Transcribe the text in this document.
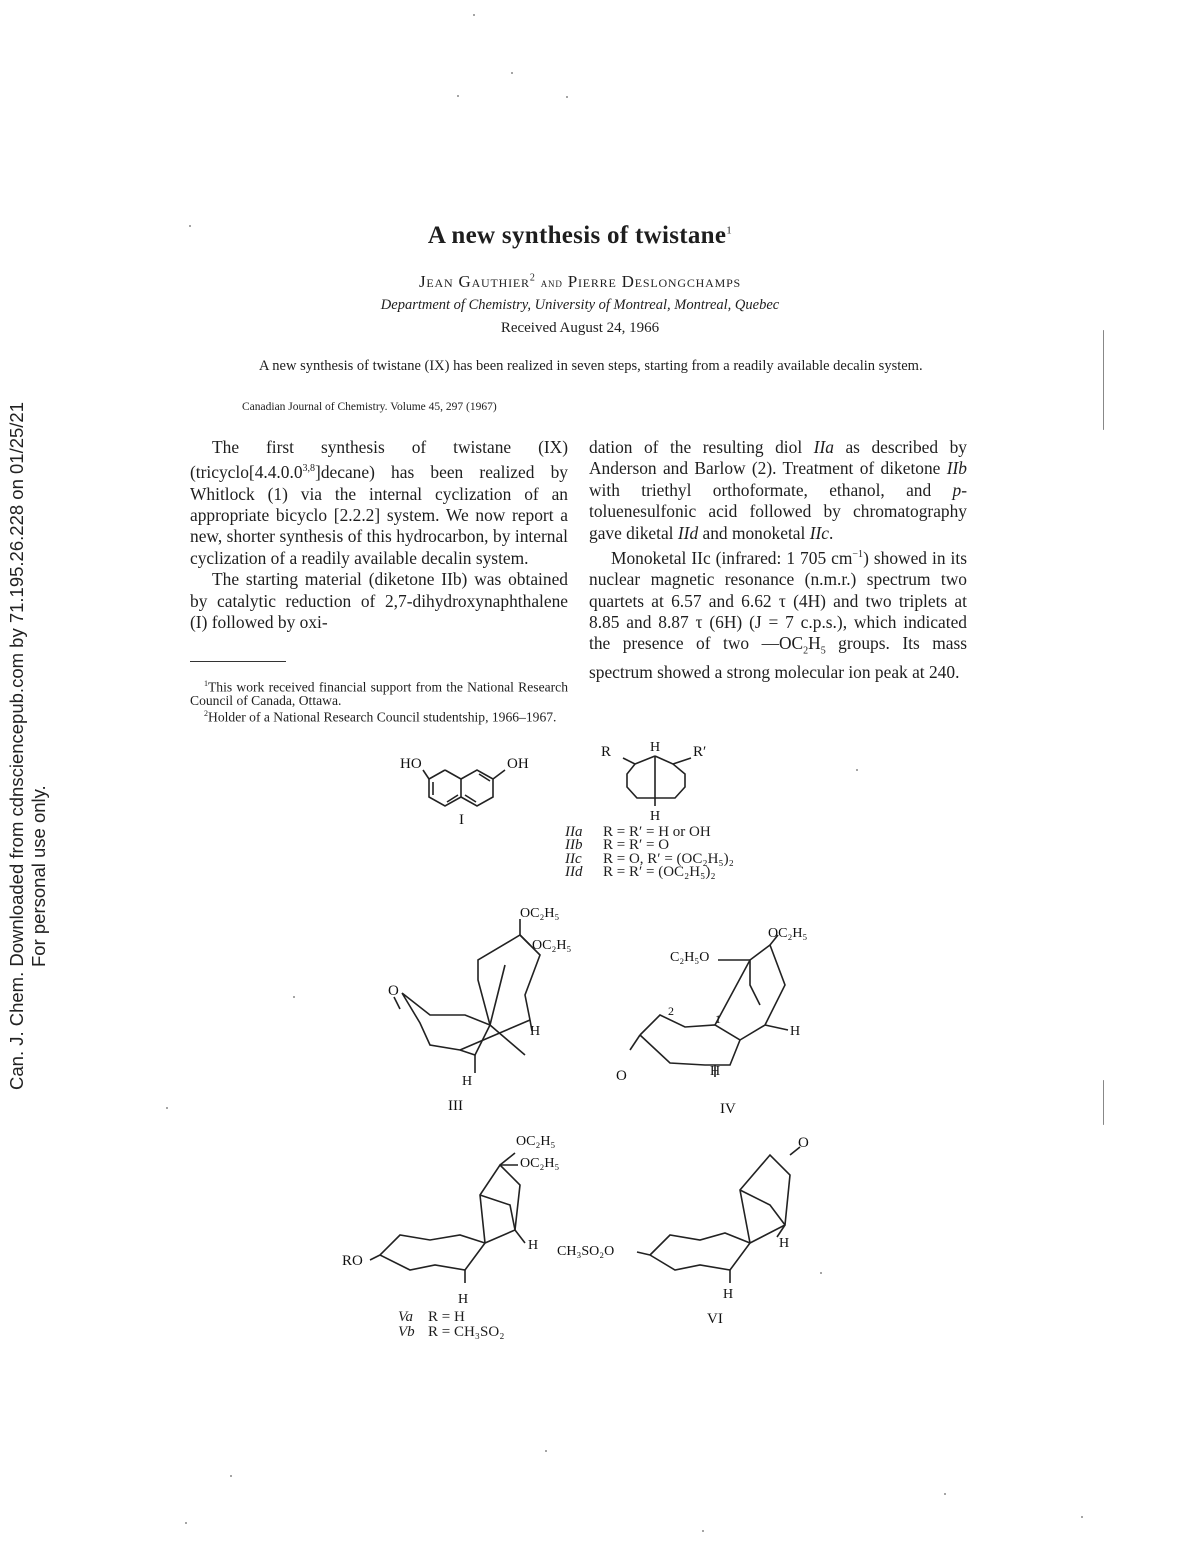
Can. J. Chem. Downloaded from cdnsciencepub.com by 71.195.26.228 on 01/25/21 For personal use only.
A new synthesis of twistane$^1$
Jean Gauthier$^2$ and Pierre Deslongchamps
Department of Chemistry, University of Montreal, Montreal, Quebec
Received August 24, 1966
A new synthesis of twistane (IX) has been realized in seven steps, starting from a readily available decalin system.
Canadian Journal of Chemistry. Volume 45, 297 (1967)

The first synthesis of twistane (IX) (tricyclo[4.4.0.0$^{3,8}$]decane) has been realized by Whitlock (1) via the internal cyclization of an appropriate bicyclo [2.2.2] system. We now report a new, shorter synthesis of this hydrocarbon, by internal cyclization of a readily available decalin system.

The starting material (diketone IIb) was obtained by catalytic reduction of 2,7-dihydroxynaphthalene (I) followed by oxi-

dation of the resulting diol IIa as described by Anderson and Barlow (2). Treatment of diketone IIb with triethyl orthoformate, ethanol, and p-toluenesulfonic acid followed by chromatography gave diketal IId and monoketal IIc.

Monoketal IIc (infrared: 1 705 $cm^{-1}$) showed in its nuclear magnetic resonance (n.m.r.) spectrum two quartets at 6.57 and 6.62 τ (4H) and two triplets at 8.85 and 8.87 τ (6H) (J = 7 c.p.s.), which indicated the presence of two $—OC_2H_5$ groups. Its mass spectrum showed a strong molecular ion peak at 240.

$^1$This work received financial support from the National Research Council of Canada, Ottawa.
$^2$Holder of a National Research Council studentship, 1966–1967.
HO	OH
I
R	R′
H
H
IIa R = R′ = H or OH
IIb R = R′ = O
IIc R = O, R′ = (OC₂H₅)₂
IId R = R′ = (OC₂H₅)₂
OC₂H₅
OC₂H₅
O
H
H
III
C₂H₅O
OC₂H₅
O
H
H
1
2
IV
OC₂H₅
OC₂H₅
RO
H
H
Va R = H
Vb R = CH₃SO₂
O
CH₃SO₂O
H
H
VI
